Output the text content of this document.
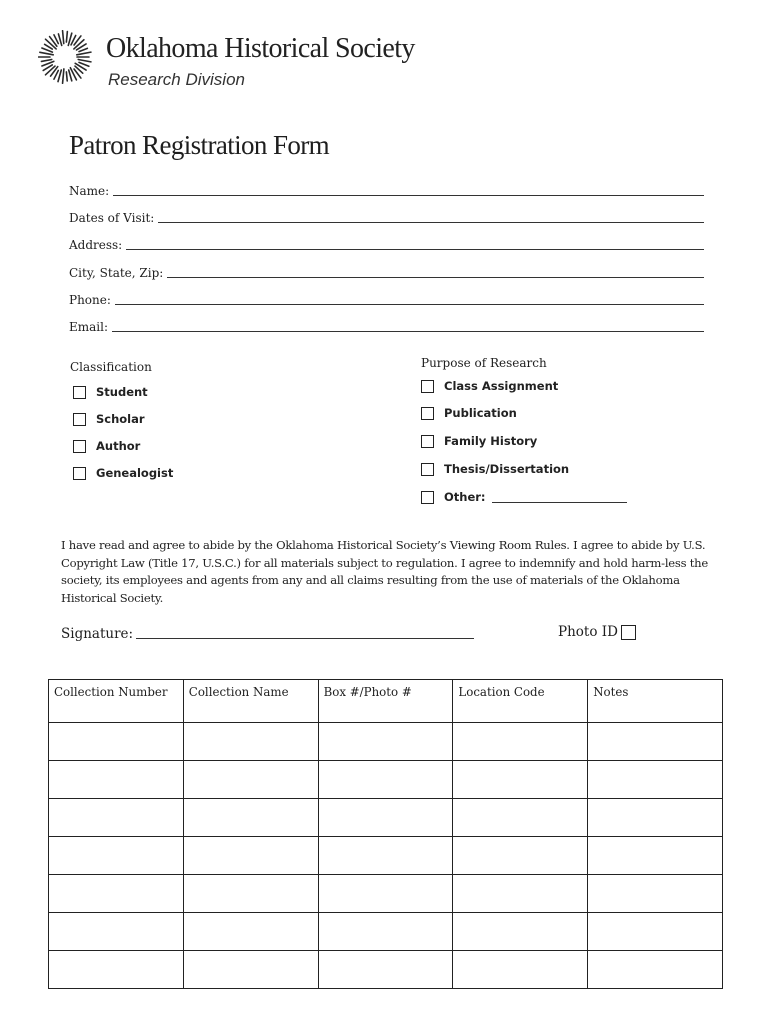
Oklahoma Historical Society
Research Division
Patron Registration Form
Name:
Dates of Visit:
Address:
City, State, Zip:
Phone:
Email:
Classification
Student
Scholar
Author
Genealogist
Purpose of Research
Class Assignment
Publication
Family History
Thesis/Dissertation
Other:
I have read and agree to abide by the Oklahoma Historical Society’s Viewing Room Rules. I agree to abide by U.S. Copyright Law (Title 17, U.S.C.) for all materials subject to regulation. I agree to indemnify and hold harm-less the society, its employees and agents from any and all claims resulting from the use of materials of the Oklahoma Historical Society.
Signature:	Photo ID
Collection Number	Collection Name	Box #/Photo #	Location Code	Notes
